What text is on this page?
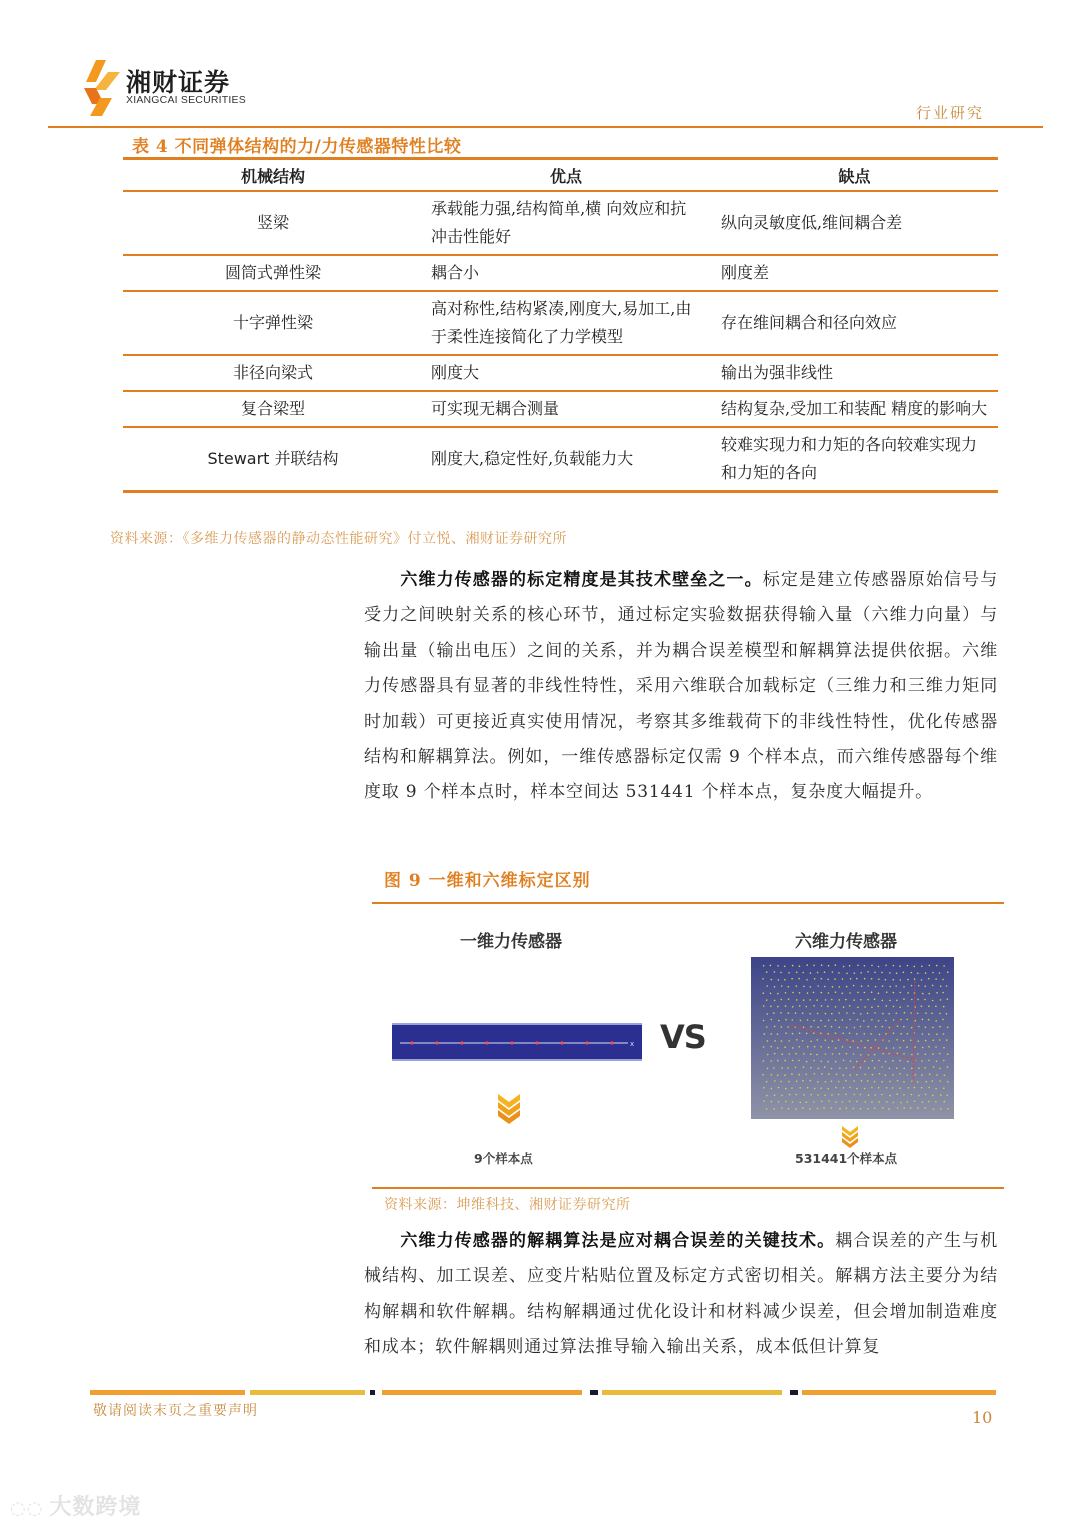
湘财证券
XIANGCAI SECURITIES
行业研究
表 4 不同弹体结构的力/力传感器特性比较
机械结构	优点	缺点
竖梁	承载能力强,结构简单,横 向效应和抗冲击性能好	纵向灵敏度低,维间耦合差
圆筒式弹性梁	耦合小	刚度差
十字弹性梁	高对称性,结构紧凑,刚度大,易加工,由于柔性连接简化了力学模型	存在维间耦合和径向效应
非径向梁式	刚度大	输出为强非线性
复合梁型	可实现无耦合测量	结构复杂,受加工和装配 精度的影响大
Stewart 并联结构	刚度大,稳定性好,负载能力大	较难实现力和力矩的各向较难实现力和力矩的各向
资料来源：《多维力传感器的静动态性能研究》付立悦、湘财证券研究所
六维力传感器的标定精度是其技术壁垒之一。标定是建立传感器原始信号与受力之间映射关系的核心环节，通过标定实验数据获得输入量（六维力向量）与输出量（输出电压）之间的关系，并为耦合误差模型和解耦算法提供依据。六维力传感器具有显著的非线性特性，采用六维联合加载标定（三维力和三维力矩同时加载）可更接近真实使用情况，考察其多维载荷下的非线性特性，优化传感器结构和解耦算法。例如，一维传感器标定仅需 9 个样本点，而六维传感器每个维度取 9 个样本点时，样本空间达 531441 个样本点，复杂度大幅提升。
图 9 一维和六维标定区别
一维力传感器	六维力传感器
x VS
9个样本点	531441个样本点
资料来源：坤维科技、湘财证券研究所
六维力传感器的解耦算法是应对耦合误差的关键技术。耦合误差的产生与机械结构、加工误差、应变片粘贴位置及标定方式密切相关。解耦方法主要分为结构解耦和软件解耦。结构解耦通过优化设计和材料减少误差，但会增加制造难度和成本；软件解耦则通过算法推导输入输出关系，成本低但计算复
敬请阅读末页之重要声明	10
◌◌ 大数跨境
